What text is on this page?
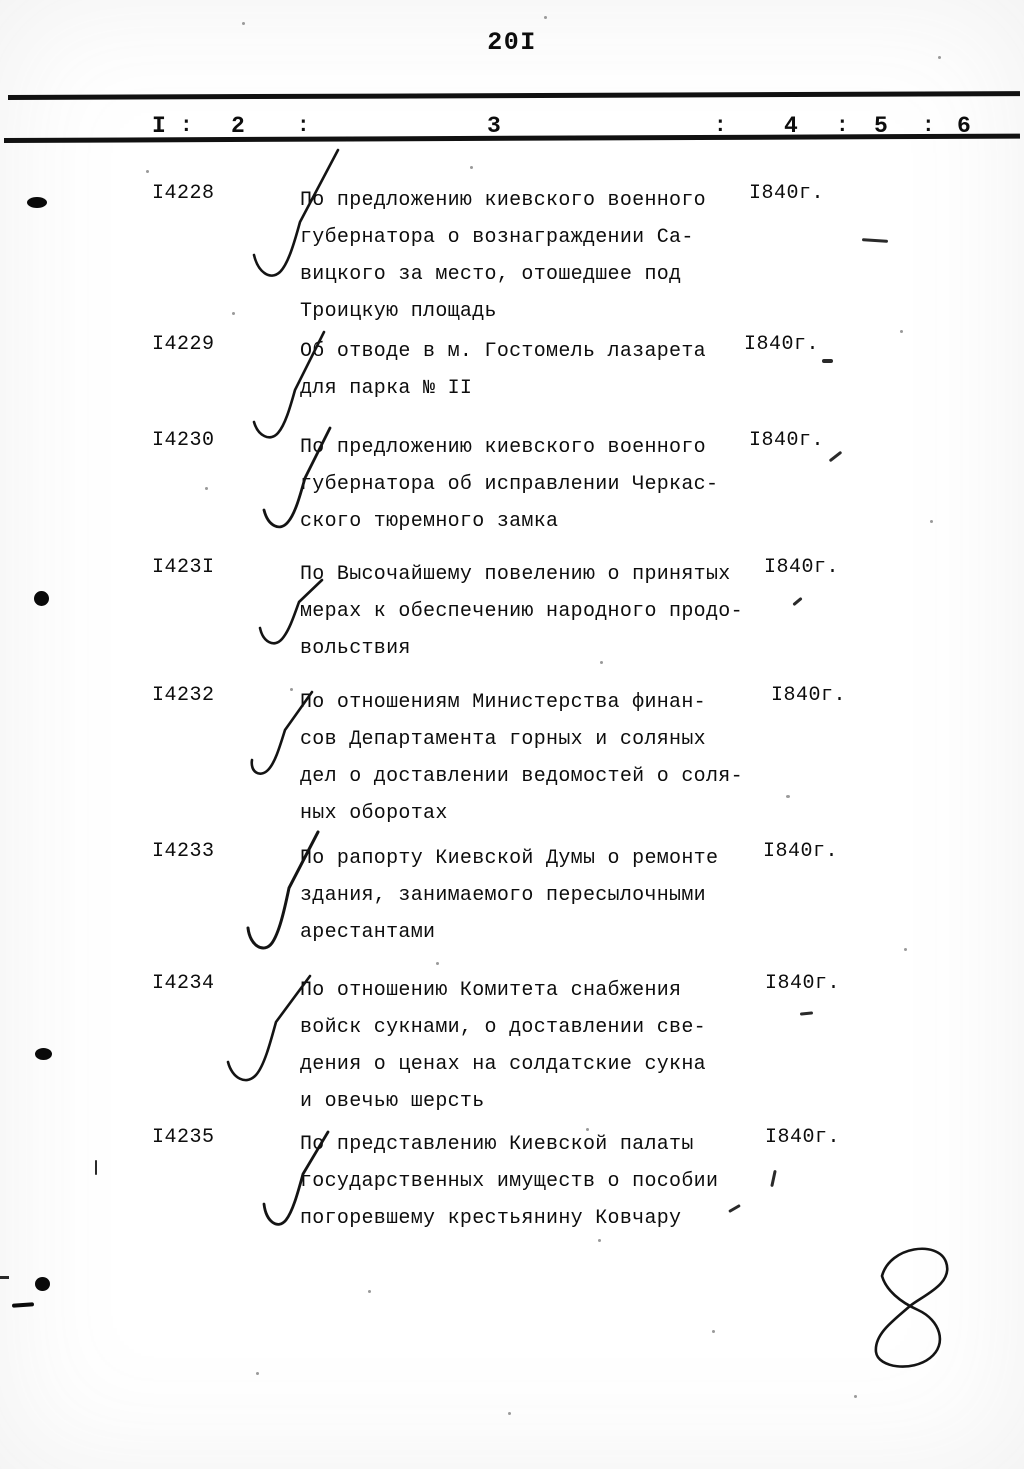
20I
I : 2 :	3	: 4 : 5 : 6
I4228	По предложению киевского военного
губернатора о вознаграждении Са-
вицкого за место, отошедшее под
Троицкую площадь
I840г.
I4229	Об отводе в м. Гостомель лазарета
для парка № II
I840г.
I4230	По предложению киевского военного
губернатора об исправлении Черкас-
ского тюремного замка
I840г.
I423I	По Высочайшему повелению о принятых
мерах к обеспечению народного продо-
вольствия
I840г.
I4232	По отношениям Министерства финан-
сов Департамента горных и соляных
дел о доставлении ведомостей о соля-
ных оборотах
I840г.
I4233	По рапорту Киевской Думы о ремонте
здания, занимаемого пересылочными
арестантами
I840г.
I4234	По отношению Комитета снабжения
войск сукнами, о доставлении све-
дения о ценах на солдатские сукна
и овечью шерсть
I840г.
I4235	По представлению Киевской палаты
государственных имуществ о пособии
погоревшему крестьянину Ковчару
I840г.
